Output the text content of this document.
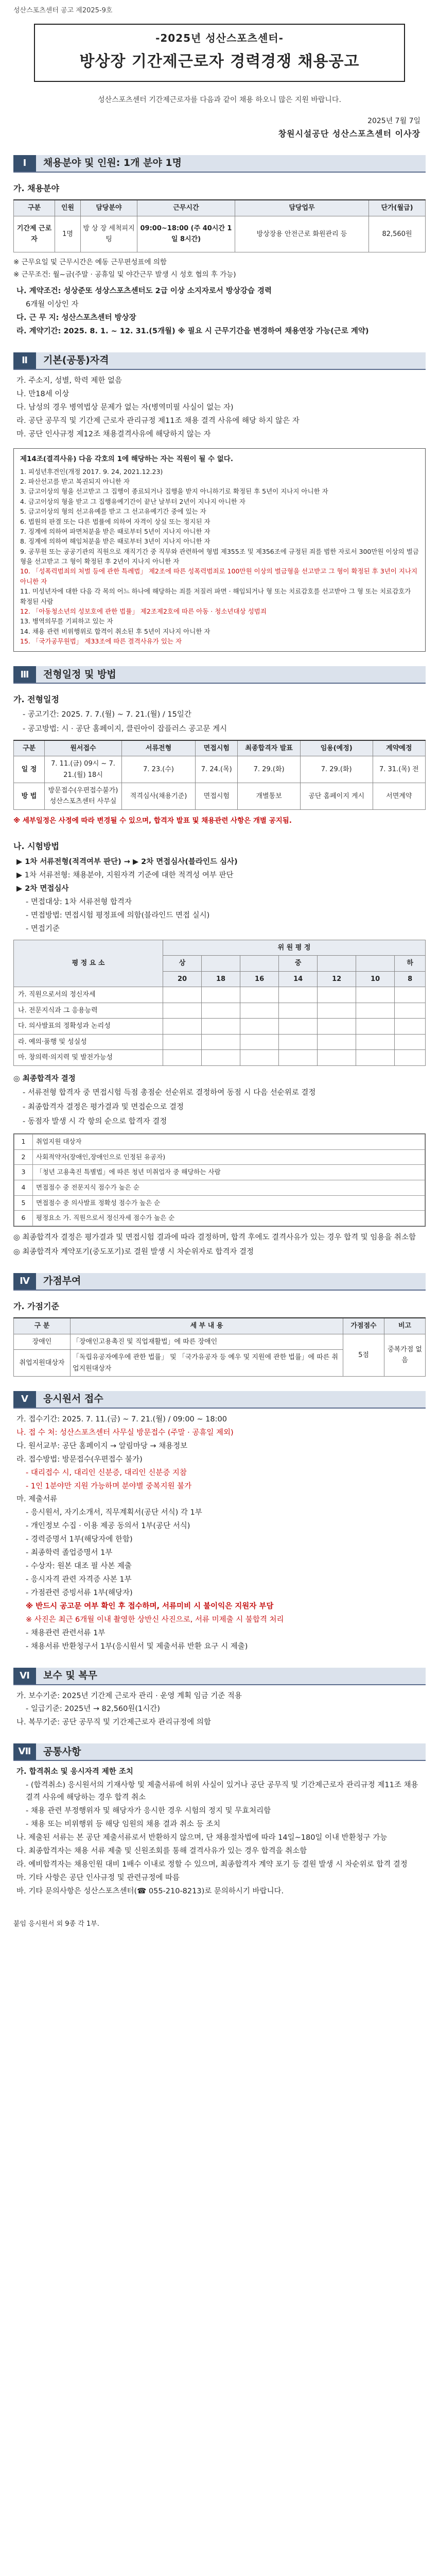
성산스포츠센터 공고 제2025-9호
-2025년 성산스포츠센터-
방상장 기간제근로자 경력경쟁 채용공고
성산스포츠센터 기간제근로자를 다음과 같이 채용 하오니 많은 지원 바랍니다.
2025년 7월 7일
창원시설공단 성산스포츠센터 이사장
Ⅰ	채용분야 및 인원: 1개 분야 1명
가. 채용분야
구분	인원	담당분야	근무시간	담당업무	단가(월급)
기간제 근로자	1명	방 상 장 세척피지팅	09:00~18:00 (주 40시간 1일 8시간)	방상장용 안전근로 화원관리 등	82,560원
※ 근무요일 및 근무시간은 예동 근무편성표에 의함
※ 근무조건: 월~금(주말 · 공휴일 및 야간근무 발생 시 성호 협의 후 가능)
나. 계약조건: 성상준또 성상스포츠센터도 2급 이상 소지자로서 방상강습 경력
6개월 이상인 자
다. 근 무 지: 성산스포츠센터 방상장
라. 계약기간: 2025. 8. 1. ~ 12. 31.(5개월) ※ 필요 시 근무기간을 변경하여 채용연장 가능(근로 계약)
Ⅱ	기본(공통)자격
가. 주소지, 성별, 학력 제한 없음
나. 만18세 이상
다. 남성의 경우 병역법상 문제가 없는 자(병역미필 사실이 없는 자)
라. 공단 공무직 및 기간제 근로자 관리규정 제11조 채용 결격 사유에 해당 하지 않은 자
마. 공단 인사규정 제12조 채용결격사유에 해당하지 않는 자
제14조(결격사유) 다음 각호의 1에 해당하는 자는 직원이 될 수 없다.
1. 피성년후견인(개정 2017. 9. 24, 2021.12.23)
2. 파산선고를 받고 복권되지 아니한 자
3. 금고이상의 형을 선고받고 그 집행이 종료되거나 집행을 받지 아니하기로 확정된 후 5년이 지나지 아니한 자
4. 금고이상의 형을 받고 그 집행유예기간이 끝난 날부터 2년이 지나지 아니한 자
5. 금고이상의 형의 선고유예를 받고 그 선고유예기간 중에 있는 자
6. 법원의 판결 또는 다른 법률에 의하여 자격이 상실 또는 정지된 자
7. 징계에 의하여 파면처분을 받은 때로부터 5년이 지나지 아니한 자
8. 징계에 의하여 해임처분을 받은 때로부터 3년이 지나지 아니한 자
9. 공무원 또는 공공기관의 직원으로 재직기간 중 직무와 관련하여 형법 제355조 및 제356조에 규정된 죄를 범한 자로서 300만원 이상의 벌금형을 선고받고 그 형이 확정된 후 2년이 지나지 아니한 자
10. 「성폭력범죄의 처벌 등에 관한 특례법」 제2조에 따른 성폭력범죄로 100만원 이상의 벌금형을 선고받고 그 형이 확정된 후 3년이 지나지 아니한 자
11. 미성년자에 대한 다음 각 목의 어느 하나에 해당하는 죄를 저질러 파면 · 해임되거나 형 또는 치료감호를 선고받아 그 형 또는 치료감호가 확정된 사람
12. 「아동청소년의 성보호에 관한 법률」 제2조제2호에 따른 아동 · 청소년대상 성범죄
13. 병역의무를 기피하고 있는 자
14. 채용 관련 비위행위로 합격이 취소된 후 5년이 지나지 아니한 자
15. 「국가공무원법」 제33조에 따른 결격사유가 있는 자
Ⅲ	전형일정 및 방법
가. 전형일정
- 공고기간: 2025. 7. 7.(월) ~ 7. 21.(월) / 15일간
- 공고방법: 시 · 공단 홈페이지, 클린아이 잡플러스 공고문 게시
구분	원서접수	서류전형	면접시험	최종합격자 발표	임용(예정)	계약예정
일 정	7. 11.(금) 09시 ~ 7. 21.(월) 18시	7. 23.(수)	7. 24.(목)	7. 29.(화)	7. 29.(화)	7. 31.(목) 전
방 법	방문접수(우편접수불가) 성산스포츠센터 사무실	적격심사(채용기준)	면접시험	개별통보	공단 홈페이지 게시	서면계약
※ 세부일정은 사정에 따라 변경될 수 있으며, 합격자 발표 및 채용관련 사항은 개별 공지됨.
나. 시험방법
▶ 1차 서류전형(적격여부 판단) → ▶ 2차 면접심사(블라인드 심사)
▶ 1차 서류전형: 채용분야, 지원자격 기준에 대한 적격성 여부 판단
▶ 2차 면접심사
- 면접대상: 1차 서류전형 합격자
- 면접방법: 면접시험 평정표에 의함(블라인드 면접 실시)
- 면접기준
평 정 요 소	위 원 평 정						
	상			중			하
	20	18	16	14	12	10	8
가. 직원으로서의 정신자세							
나. 전문지식과 그 응용능력							
다. 의사발표의 정확성과 논리성							
라. 예의·품행 및 성실성							
마. 창의력·의지력 및 발전가능성							
◎ 최종합격자 결정
- 서류전형 합격자 중 면접시험 득점 총점순 선순위로 결정하여 동점 시 다음 선순위로 결정
- 최종합격자 결정은 평가결과 및 면접순으로 결정
- 동점자 발생 시 각 항의 순으로 합격자 결정
1	취업지원 대상자
2	사회적약자(장애인,장애인으로 인정된 유공자)
3	「청년 고용촉진 특별법」에 따른 청년 미취업자 중 해당하는 사람
4	면접점수 중 전문지식 점수가 높은 순
5	면접점수 중 의사발표 정확성 점수가 높은 순
6	평정요소 가. 직원으로서 정신자세 점수가 높은 순
◎ 최종합격자 결정은 평가결과 및 면접시험 결과에 따라 결정하며, 합격 후에도 결격사유가 있는 경우 합격 및 임용을 취소함
◎ 최종합격자 계약포기(중도포기)로 결원 발생 시 차순위자로 합격자 결정
Ⅳ	가점부여
가. 가점기준
구 분	세 부 내 용	가점점수	비고
장애인	「장애인고용촉진 및 직업재활법」에 따른 장애인	5점	중복가점 없음
취업지원대상자	「독립유공자예우에 관한 법률」 및 「국가유공자 등 예우 및 지원에 관한 법률」에 따른 취업지원대상자		
Ⅴ	응시원서 접수
가. 접수기간: 2025. 7. 11.(금) ~ 7. 21.(월) / 09:00 ~ 18:00
나. 접 수 처: 성산스포츠센터 사무실 방문접수 (주말 · 공휴일 제외)
다. 원서교부: 공단 홈페이지 → 알림마당 → 채용정보
라. 접수방법: 방문접수(우편접수 불가)
- 대리접수 시, 대리인 신분증, 대리인 신분증 지참
- 1인 1분야만 지원 가능하며 분야별 중복지원 불가
마. 제출서류
- 응시원서, 자기소개서, 직무계획서(공단 서식) 각 1부
- 개인정보 수집 · 이용 제공 동의서 1부(공단 서식)
- 경력증명서 1부(해당자에 한함)
- 최종학력 졸업증명서 1부
- 수상자: 원본 대조 필 사본 제출
- 응시자격 관련 자격증 사본 1부
- 가점관련 증빙서류 1부(해당자)
※ 반드시 공고문 여부 확인 후 접수하며, 서류미비 시 불이익은 지원자 부담
※ 사진은 최근 6개월 이내 촬영한 상반신 사진으로, 서류 미제출 시 불합격 처리
- 채용관련 관련서류 1부
- 채용서류 반환청구서 1부(응시원서 및 제출서류 반환 요구 시 제출)
Ⅵ	보수 및 복무
가. 보수기준: 2025년 기간제 근로자 관리 · 운영 계획 임금 기준 적용
- 일급기준: 2025년 → 82,560원(1시간)
나. 복무기준: 공단 공무직 및 기간제근로자 관리규정에 의함
Ⅶ	공통사항
가. 합격취소 및 응시자격 제한 조치
- (합격취소) 응시원서의 기재사항 및 제출서류에 허위 사실이 있거나 공단 공무직 및 기간제근로자 관리규정 제11조 채용 결격 사유에 해당하는 경우 합격 취소
- 채용 관련 부정행위자 및 해당자가 응시한 경우 시험의 정지 및 무효처리함
- 채용 또는 비위행위 등 해당 임원의 채용 결과 취소 등 조치
나. 제출된 서류는 본 공단 제출서류로서 반환하지 않으며, 단 채용절차법에 따라 14일~180일 이내 반환청구 가능
다. 최종합격자는 채용 서류 제출 및 신원조회를 통해 결격사유가 있는 경우 합격을 취소함
라. 예비합격자는 채용인원 대비 1배수 이내로 정할 수 있으며, 최종합격자 계약 포기 등 결원 발생 시 차순위로 합격 결정
마. 기타 사항은 공단 인사규정 및 관련규정에 따름
바. 기타 문의사항은 성산스포츠센터(☎ 055-210-8213)로 문의하시기 바랍니다.
붙임 응시원서 외 9종 각 1부.
